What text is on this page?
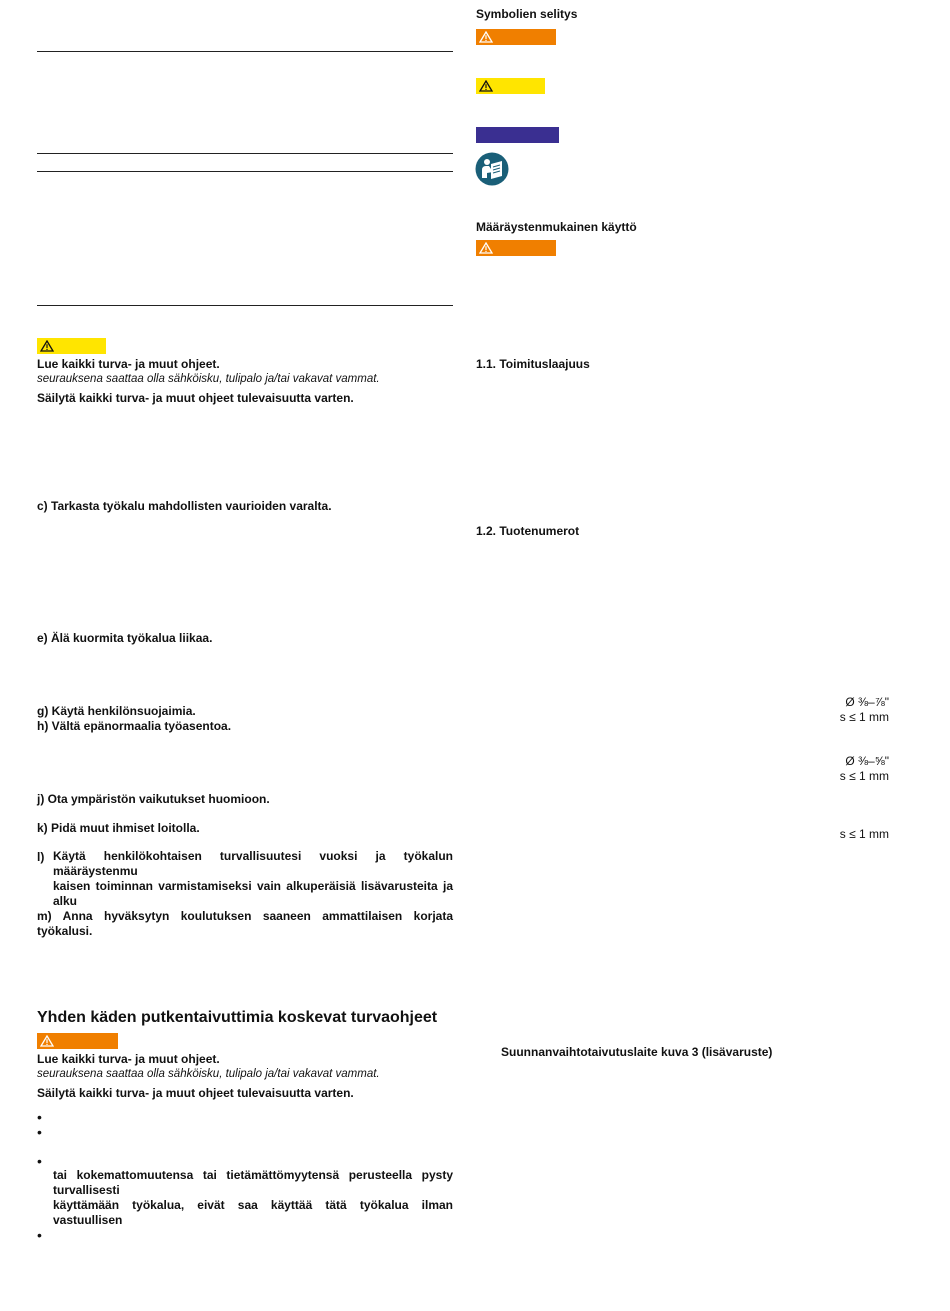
Lue kaikki turva- ja muut ohjeet.
seurauksena saattaa olla sähköisku, tulipalo ja/tai vakavat vammat.
Säilytä kaikki turva- ja muut ohjeet tulevaisuutta varten.
c) Tarkasta työkalu mahdollisten vaurioiden varalta.
e) Älä kuormita työkalua liikaa.
g) Käytä henkilönsuojaimia.
h) Vältä epänormaalia työasentoa.
j) Ota ympäristön vaikutukset huomioon.
k) Pidä muut ihmiset loitolla.
l) Käytä henkilökohtaisen turvallisuutesi vuoksi ja työkalun määräystenmu
kaisen toiminnan varmistamiseksi vain alkuperäisiä lisävarusteita ja alku
m) Anna hyväksytyn koulutuksen saaneen ammattilaisen korjata työkalusi.
Yhden käden putkentaivuttimia koskevat turvaohjeet
Lue kaikki turva- ja muut ohjeet.
seurauksena saattaa olla sähköisku, tulipalo ja/tai vakavat vammat.
Säilytä kaikki turva- ja muut ohjeet tulevaisuutta varten.
•
•
•
tai kokemattomuutensa tai tietämättömyytensä perusteella pysty turvallisesti
käyttämään työkalua, eivät saa käyttää tätä työkalua ilman vastuullisen
•
Symbolien selitys
Määräystenmukainen käyttö
1.1. Toimituslaajuus
1.2. Tuotenumerot
Ø ⅜–⅞"
s ≤ 1 mm
Ø ⅜–⅝"
s ≤ 1 mm
s ≤ 1 mm
Suunnanvaihtotaivutuslaite kuva 3 (lisävaruste)
